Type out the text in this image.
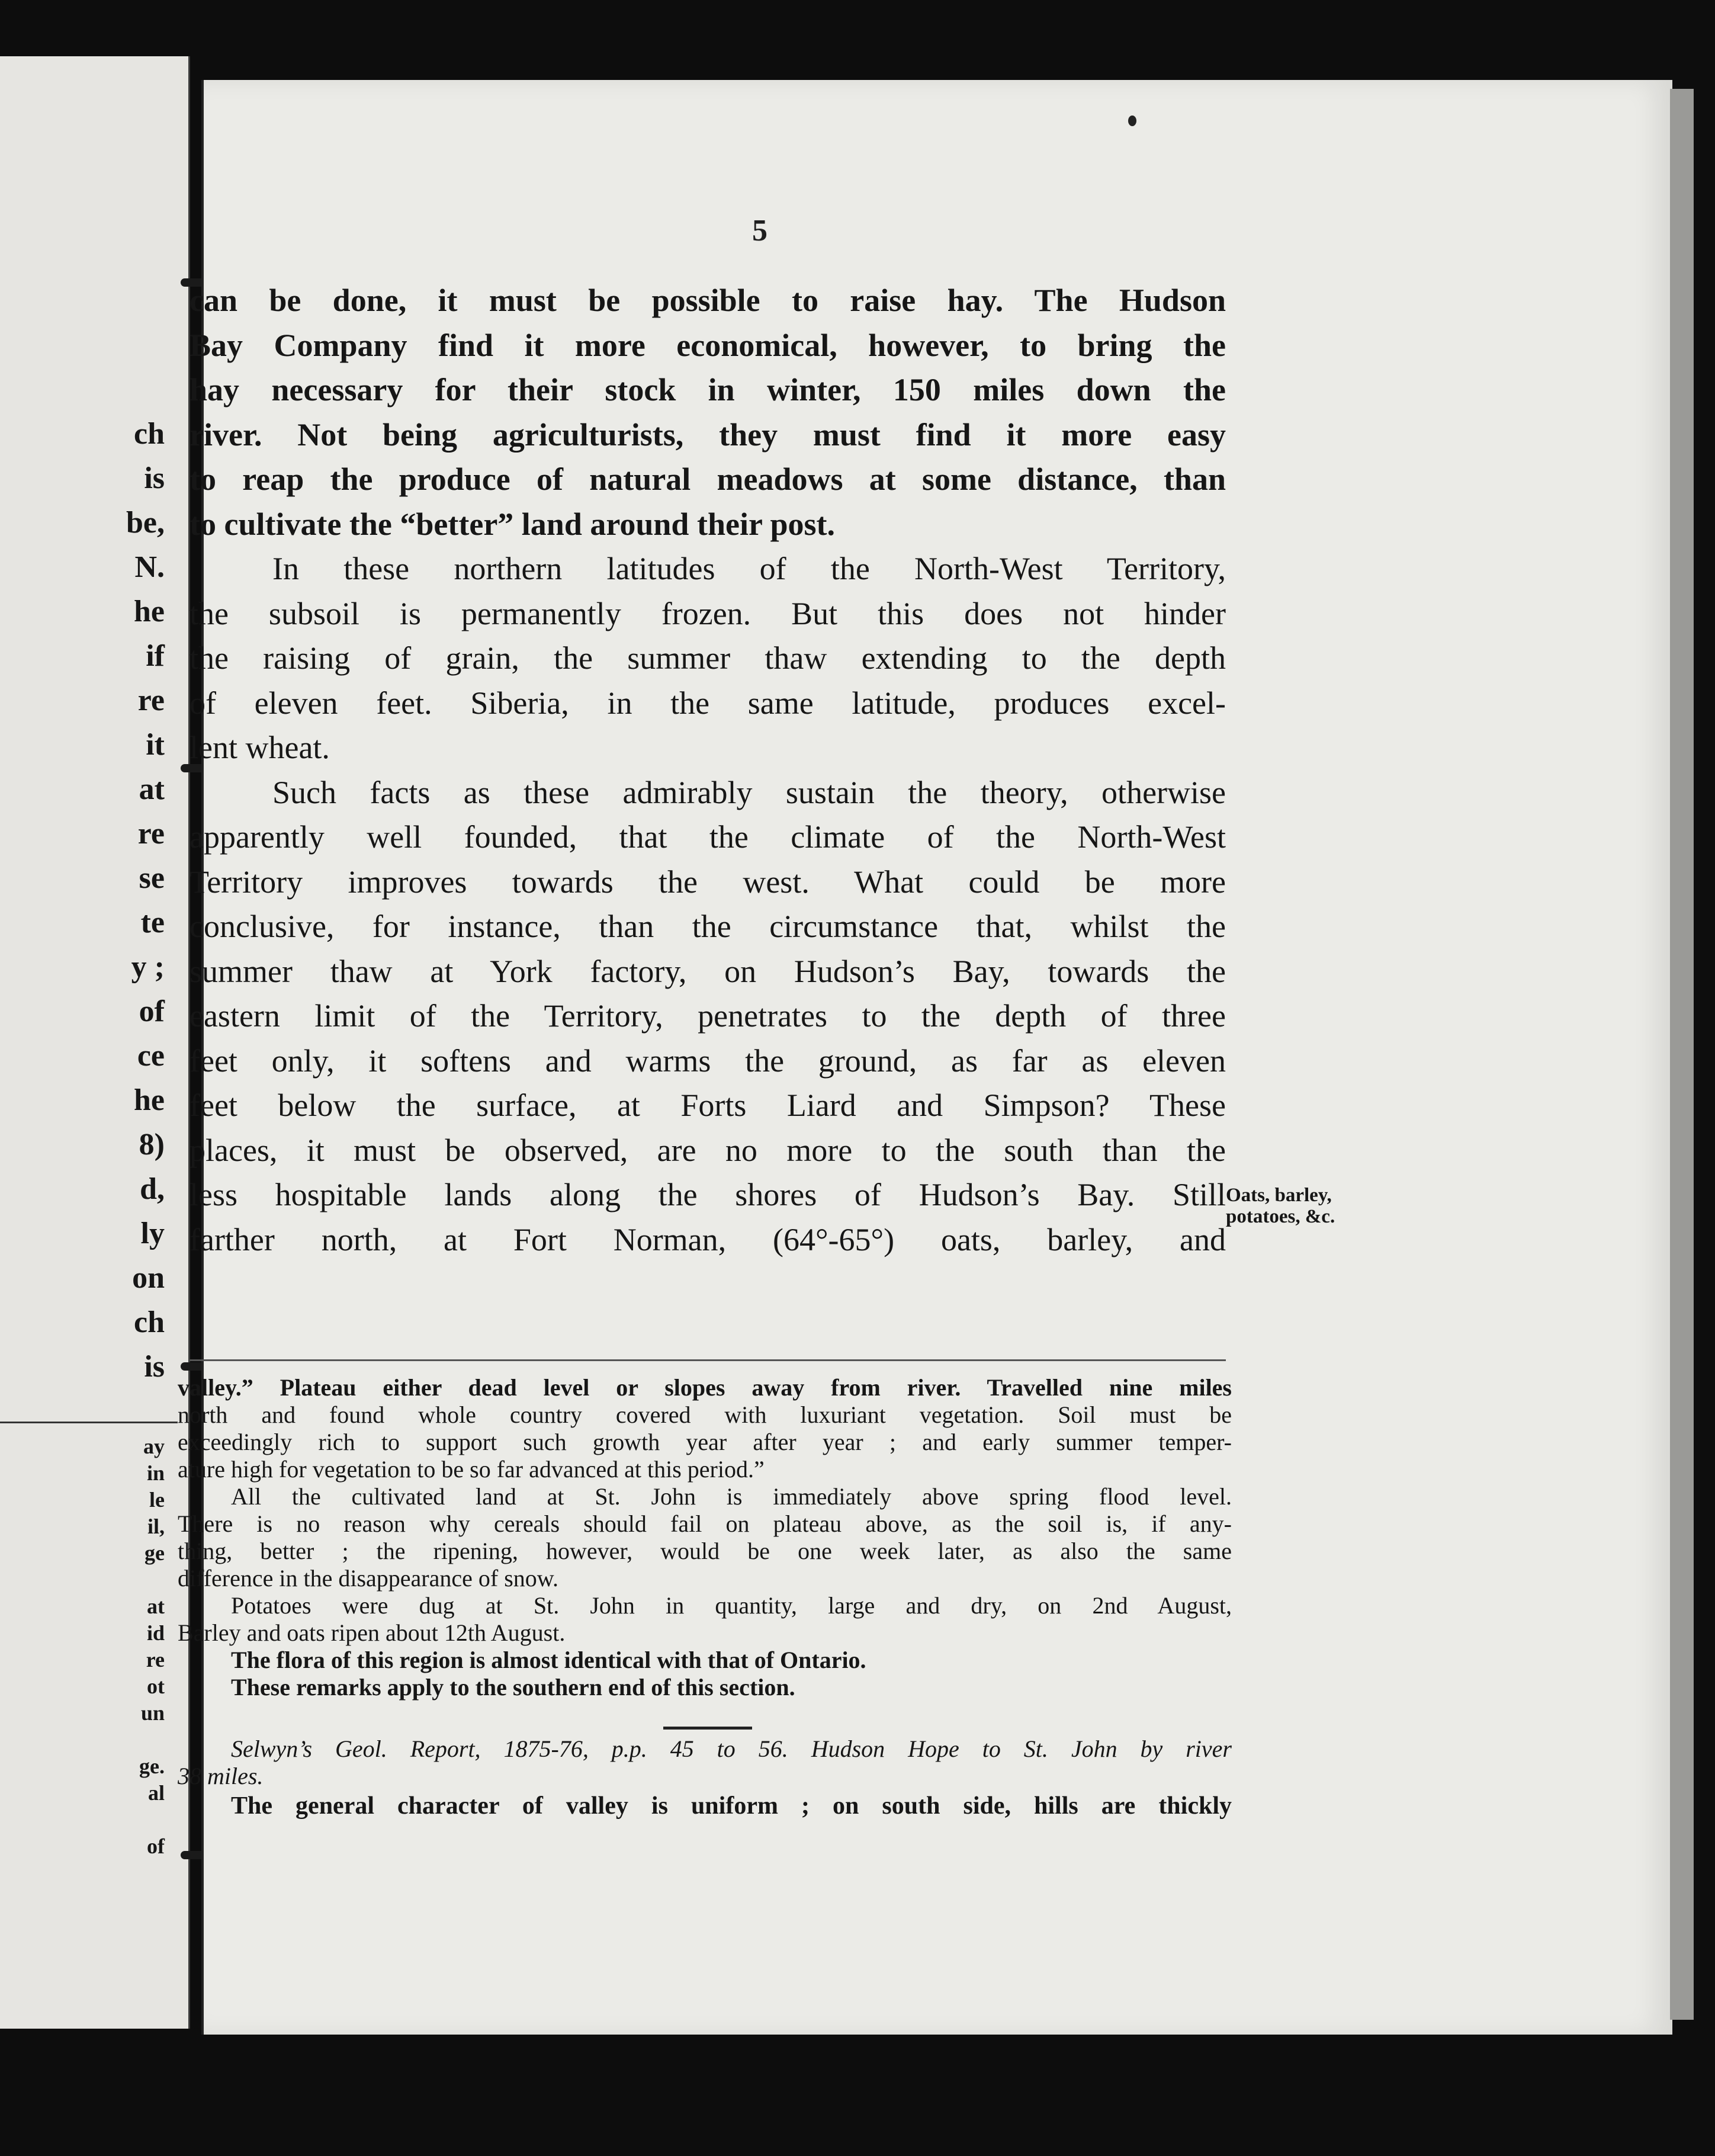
ch
is
be,
N.
he
if
re
it
at
re
se
te
y ;
of
ce
he
8)
d,
ly
on
ch
is
ay
in
le
il,
ge
at
id
re
ot
un
ge.
al
of
5

can be done, it must be possible to raise hay. The Hudson
Bay Company find it more economical, however, to bring the
hay necessary for their stock in winter, 150 miles down the
river. Not being agriculturists, they must find it more easy
to reap the produce of natural meadows at some distance, than
to cultivate the “better” land around their post.

In these northern latitudes of the North-West Territory,
the subsoil is permanently frozen. But this does not hinder
the raising of grain, the summer thaw extending to the depth
of eleven feet. Siberia, in the same latitude, produces excel-
lent wheat.

Such facts as these admirably sustain the theory, otherwise
apparently well founded, that the climate of the North-West
Territory improves towards the west. What could be more
conclusive, for instance, than the circumstance that, whilst the
summer thaw at York factory, on Hudson’s Bay, towards the
eastern limit of the Territory, penetrates to the depth of three
feet only, it softens and warms the ground, as far as eleven
feet below the surface, at Forts Liard and Simpson? These
places, it must be observed, are no more to the south than the
less hospitable lands along the shores of Hudson’s Bay. Still
farther north, at Fort Norman, (64°-65°) oats, barley, and

Oats, barley, potatoes, &c.
valley.” Plateau either dead level or slopes away from river. Travelled nine miles
north and found whole country covered with luxuriant vegetation. Soil must be
exceedingly rich to support such growth year after year ; and early summer temper-
ature high for vegetation to be so far advanced at this period.”
All the cultivated land at St. John is immediately above spring flood level.
There is no reason why cereals should fail on plateau above, as the soil is, if any-
thing, better ; the ripening, however, would be one week later, as also the same
difference in the disappearance of snow.
Potatoes were dug at St. John in quantity, large and dry, on 2nd August,
Barley and oats ripen about 12th August.
The flora of this region is almost identical with that of Ontario.
These remarks apply to the southern end of this section.
Selwyn’s Geol. Report, 1875-76, p.p. 45 to 56. Hudson Hope to St. John by river
38 miles.
The general character of valley is uniform ; on south side, hills are thickly
